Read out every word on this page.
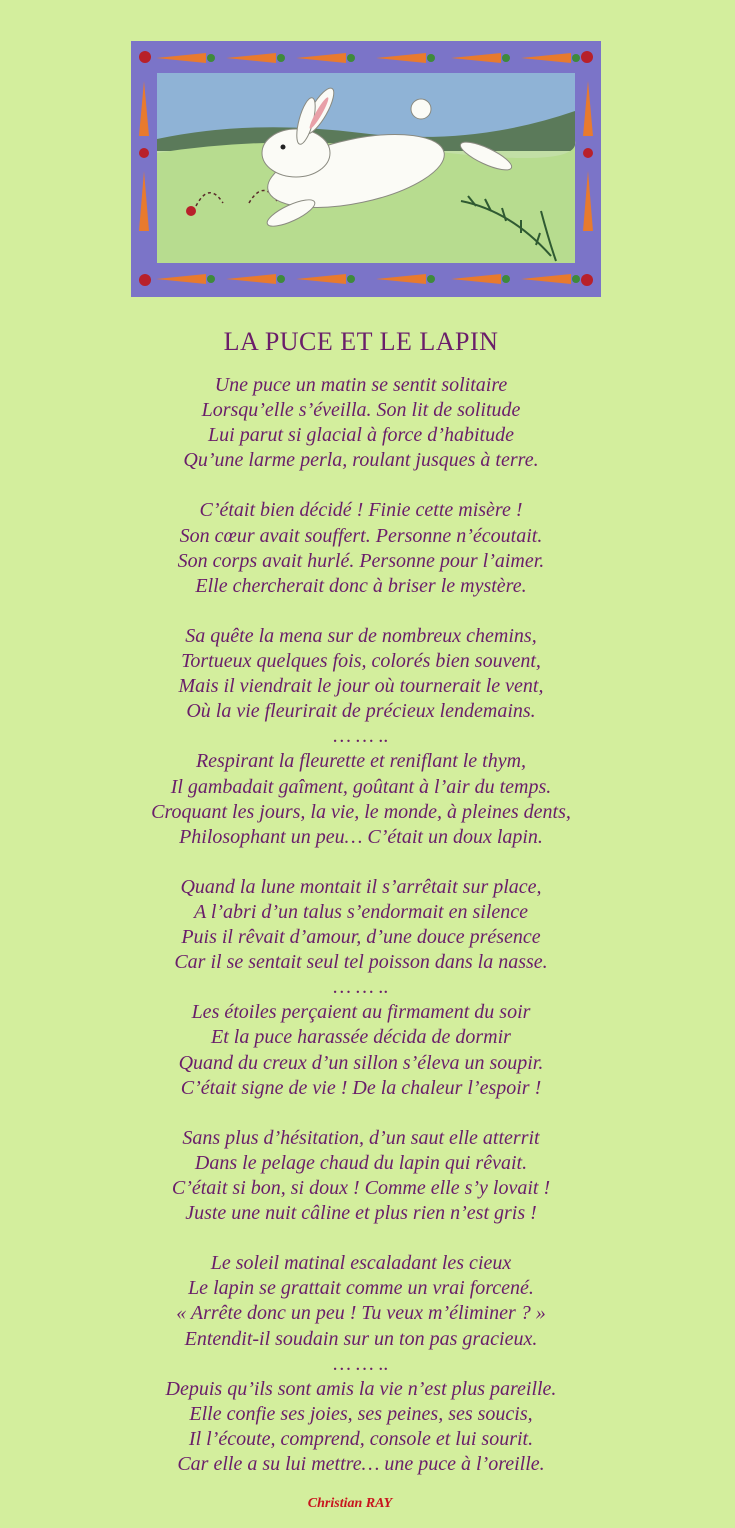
LA PUCE ET LE LAPIN
Une puce un matin se sentit solitaire
Lorsqu’elle s’éveilla. Son lit de solitude
Lui parut si glacial à force d’habitude
Qu’une larme perla, roulant jusques à terre.
C’était bien décidé ! Finie cette misère !
Son cœur avait souffert. Personne n’écoutait.
Son corps avait hurlé. Personne pour l’aimer.
Elle chercherait donc à briser le mystère.
Sa quête la mena sur de nombreux chemins,
Tortueux quelques fois, colorés bien souvent,
Mais il viendrait le jour où tournerait le vent,
Où la vie fleurirait de précieux lendemains.
… … ..
Respirant la fleurette et reniflant le thym,
Il gambadait gaîment, goûtant à l’air du temps.
Croquant les jours, la vie, le monde, à pleines dents,
Philosophant un peu… C’était un doux lapin.
Quand la lune montait il s’arrêtait sur place,
A l’abri d’un talus s’endormait en silence
Puis il rêvait d’amour, d’une douce présence
Car il se sentait seul tel poisson dans la nasse.
… … ..
Les étoiles perçaient au firmament du soir
Et la puce harassée décida de dormir
Quand du creux d’un sillon s’éleva un soupir.
C’était signe de vie ! De la chaleur l’espoir !
Sans plus d’hésitation, d’un saut elle atterrit
Dans le pelage chaud du lapin qui rêvait.
C’était si bon, si doux ! Comme elle s’y lovait !
Juste une nuit câline et plus rien n’est gris !
Le soleil matinal escaladant les cieux
Le lapin se grattait comme un vrai forcené.
« Arrête donc un peu ! Tu veux m’éliminer ? »
Entendit-il soudain sur un ton pas gracieux.
… … ..
Depuis qu’ils sont amis la vie n’est plus pareille.
Elle confie ses joies, ses peines, ses soucis,
Il l’écoute, comprend, console et lui sourit.
Car elle a su lui mettre… une puce à l’oreille.
Christian RAY
